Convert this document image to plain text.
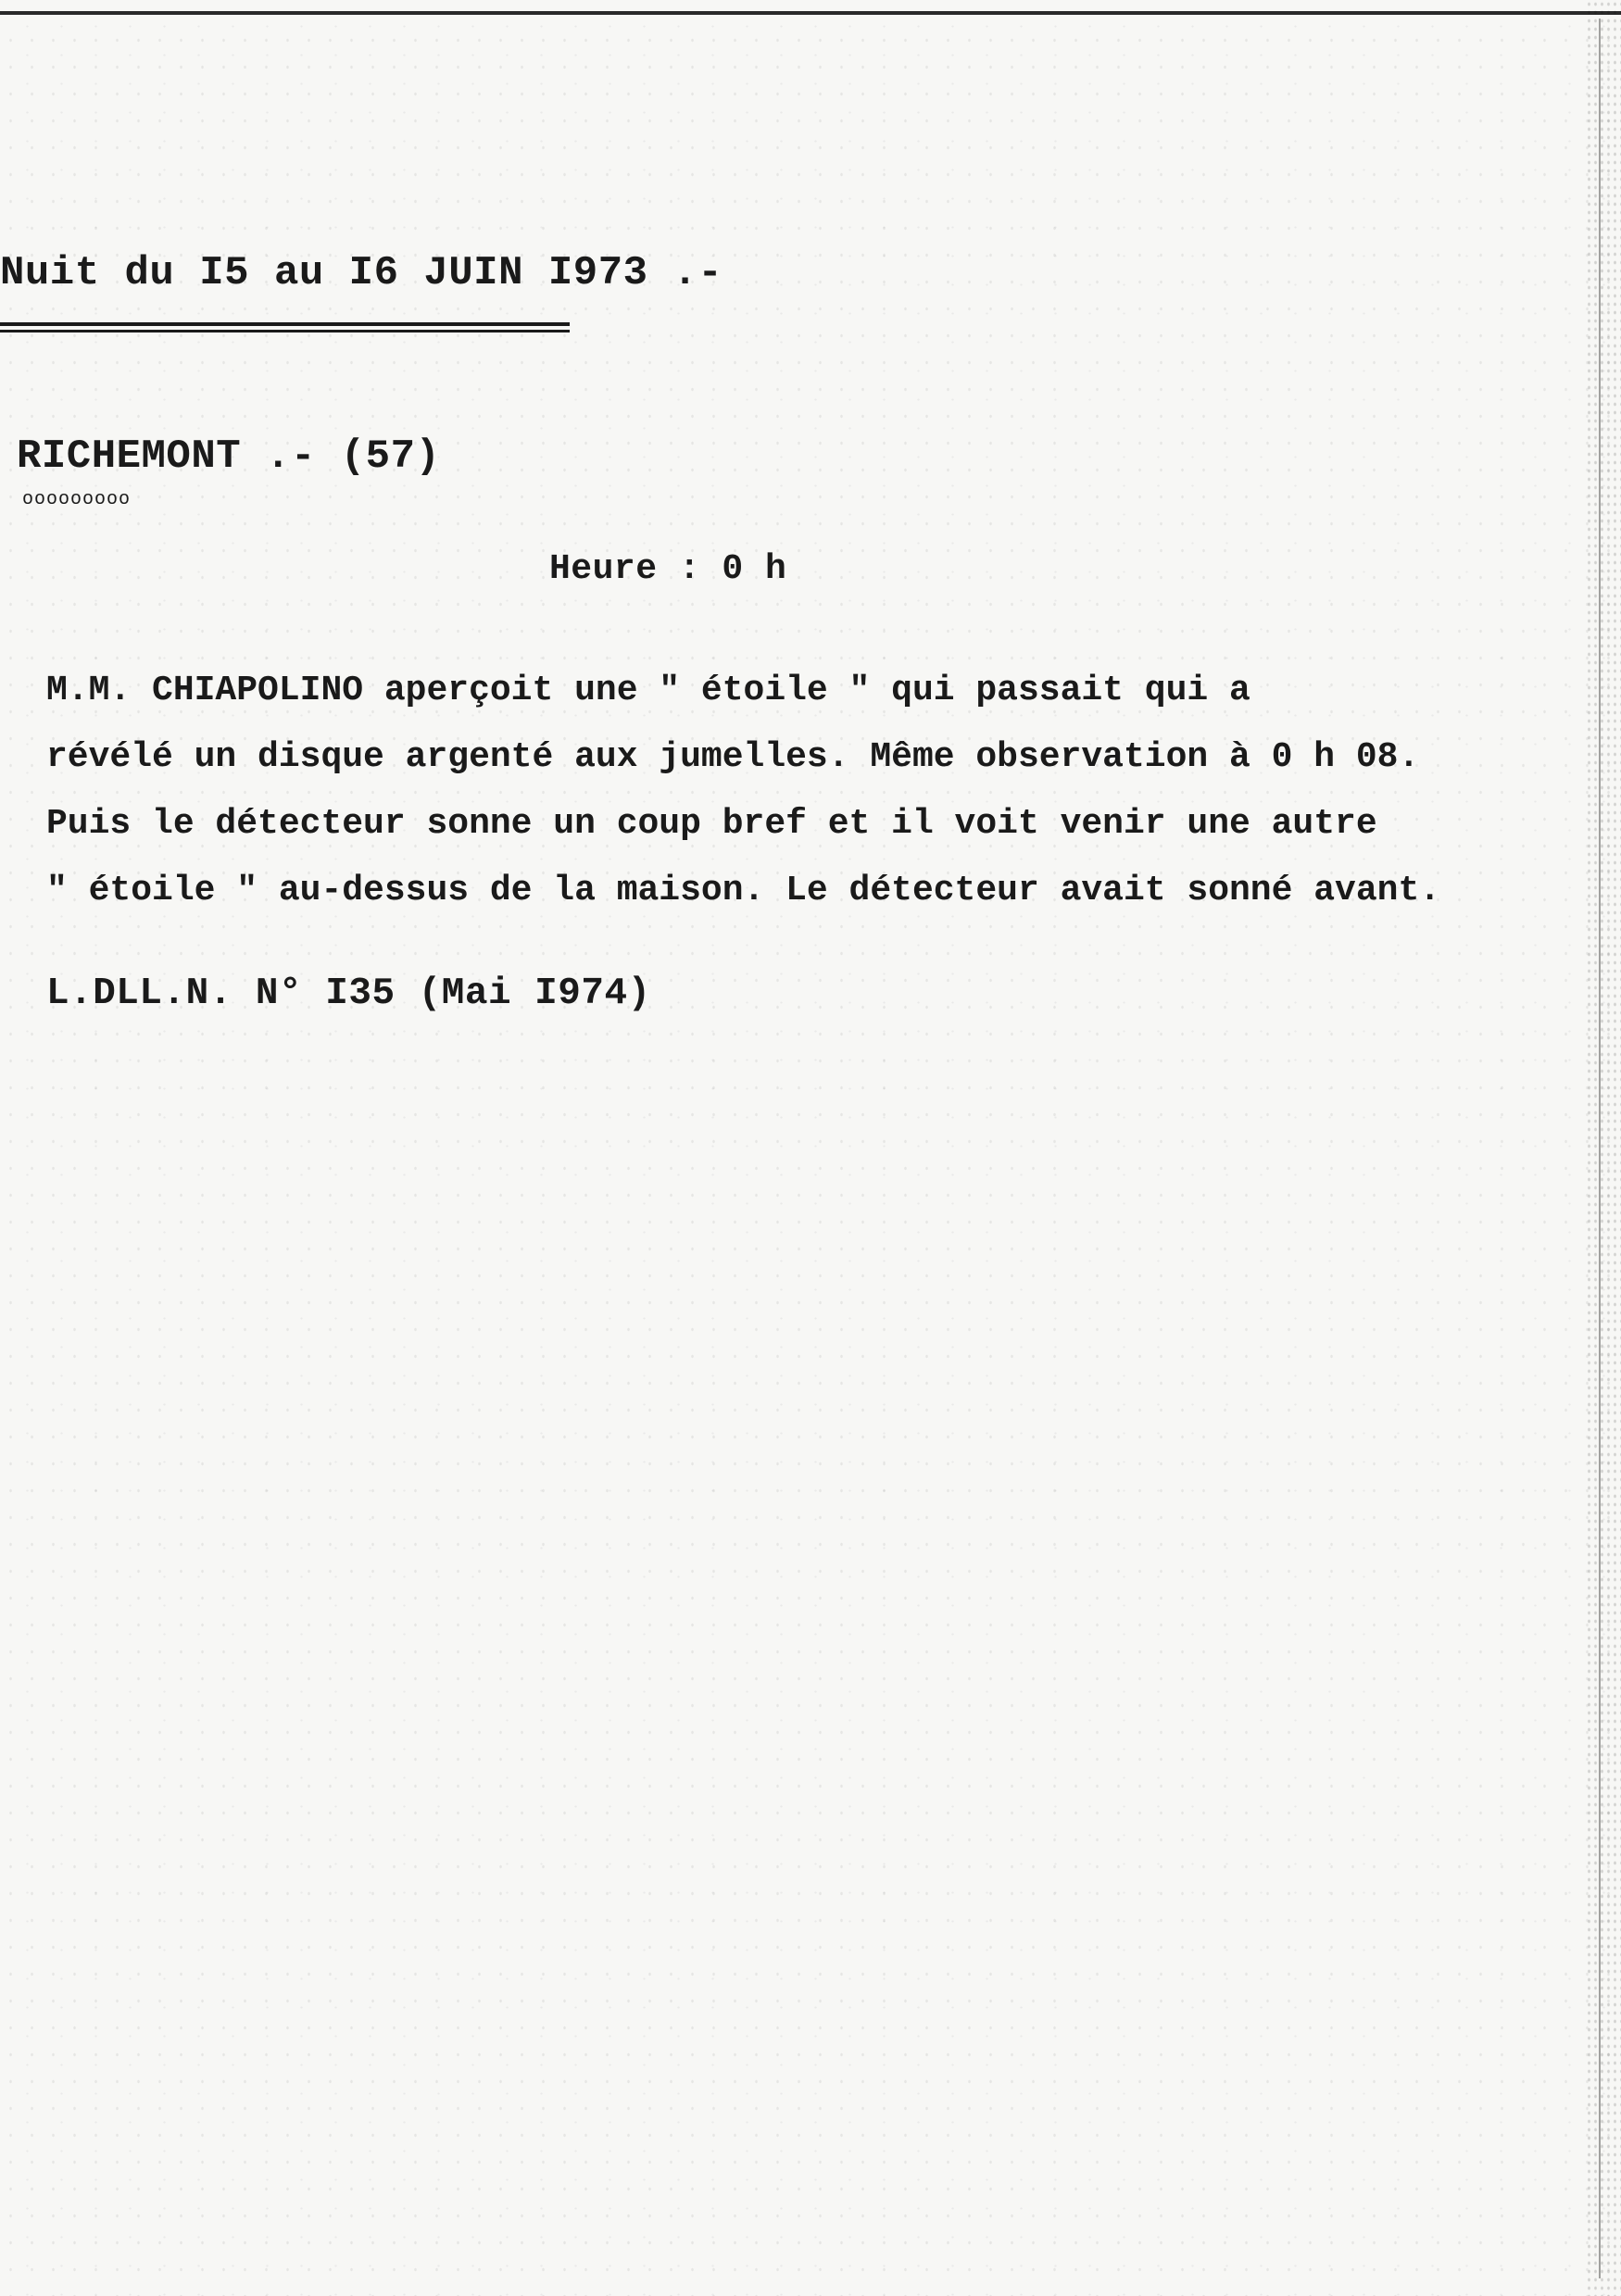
Nuit du I5 au I6 JUIN I973 .-
RICHEMONT .- (57)
ooooooooo
Heure : 0 h
M.M. CHIAPOLINO aperçoit une " étoile " qui passait qui a
révélé un disque argenté aux jumelles. Même observation à 0 h 08.
Puis le détecteur sonne un coup bref et il voit venir une autre
" étoile " au-dessus de la maison. Le détecteur avait sonné avant.
L.DLL.N. N° I35 (Mai I974)
